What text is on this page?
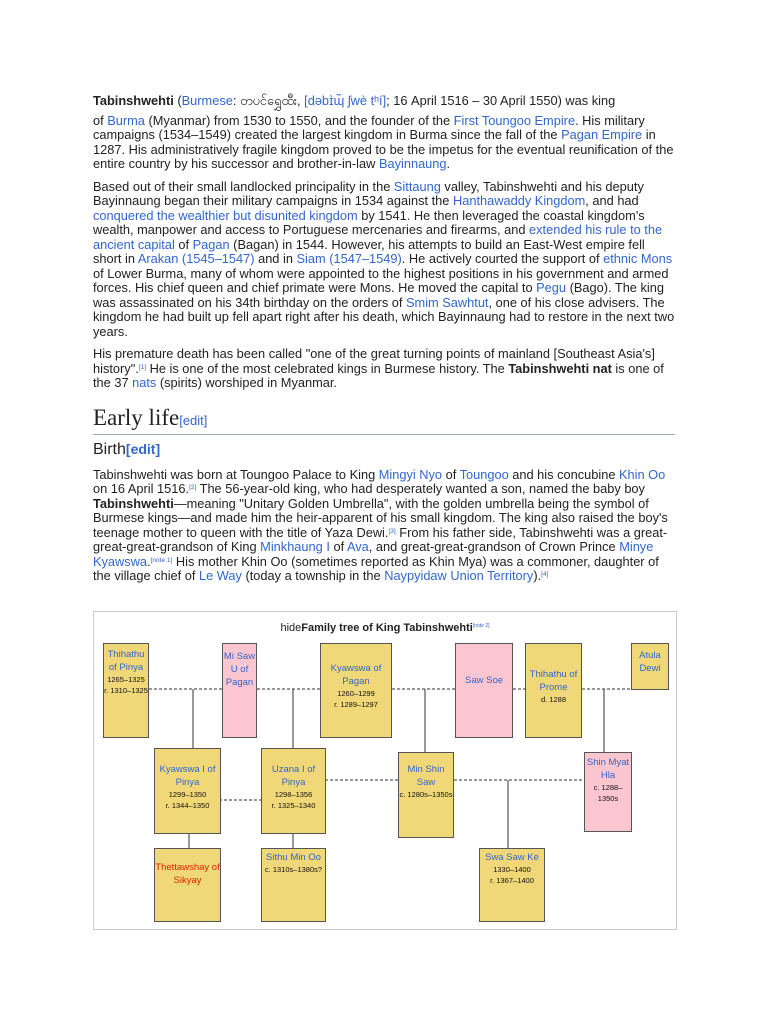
Tabinshwehti (Burmese: တပင်ရွှေထီး, [dəbɪ̀ɰ̃ ʃwè tʰí]; 16 April 1516 – 30 April 1550) was king

of Burma (Myanmar) from 1530 to 1550, and the founder of the First Toungoo Empire. His military campaigns (1534–1549) created the largest kingdom in Burma since the fall of the Pagan Empire in 1287. His administratively fragile kingdom proved to be the impetus for the eventual reunification of the entire country by his successor and brother-in-law Bayinnaung.

Based out of their small landlocked principality in the Sittaung valley, Tabinshwehti and his deputy Bayinnaung began their military campaigns in 1534 against the Hanthawaddy Kingdom, and had conquered the wealthier but disunited kingdom by 1541. He then leveraged the coastal kingdom's wealth, manpower and access to Portuguese mercenaries and firearms, and extended his rule to the ancient capital of Pagan (Bagan) in 1544. However, his attempts to build an East-West empire fell short in Arakan (1545–1547) and in Siam (1547–1549). He actively courted the support of ethnic Mons of Lower Burma, many of whom were appointed to the highest positions in his government and armed forces. His chief queen and chief primate were Mons. He moved the capital to Pegu (Bago). The king was assassinated on his 34th birthday on the orders of Smim Sawhtut, one of his close advisers. The kingdom he had built up fell apart right after his death, which Bayinnaung had to restore in the next two years.

His premature death has been called "one of the great turning points of mainland [Southeast Asia's] history".[1] He is one of the most celebrated kings in Burmese history. The Tabinshwehti nat is one of the 37 nats (spirits) worshiped in Myanmar.

Early life[edit]
Birth[edit]

Tabinshwehti was born at Toungoo Palace to King Mingyi Nyo of Toungoo and his concubine Khin Oo on 16 April 1516.[2] The 56-year-old king, who had desperately wanted a son, named the baby boy Tabinshwehti—meaning "Unitary Golden Umbrella", with the golden umbrella being the symbol of Burmese kings—and made him the heir-apparent of his small kingdom. The king also raised the boy's teenage mother to queen with the title of Yaza Dewi.[3] From his father side, Tabinshwehti was a great-great-great-grandson of King Minkhaung I of Ava, and great-great-grandson of Crown Prince Minye Kyawswa.[note 1] His mother Khin Oo (sometimes reported as Khin Mya) was a commoner, daughter of the village chief of Le Way (today a township in the Naypyidaw Union Territory).[4]

hideFamily tree of King Tabinshwehti[note 2]
Thihathu of Pinya
1265–1325
r. 1310–1325
Mi Saw U of Pagan
Kyawswa of Pagan
1260–1299
r. 1289–1297
Saw Soe
Thihathu of Prome
d. 1288
Atula Dewi
Kyawswa I of Pinya
1299–1350
r. 1344–1350
Uzana I of Pinya
1298–1356
r. 1325–1340
Min Shin Saw
c. 1280s–1350s
Shin Myat Hla
c. 1288–1350s
Thettawshay of Sikyay
Sithu Min Oo
c. 1310s–1380s?
Swa Saw Ke
1330–1400
r. 1367–1400
